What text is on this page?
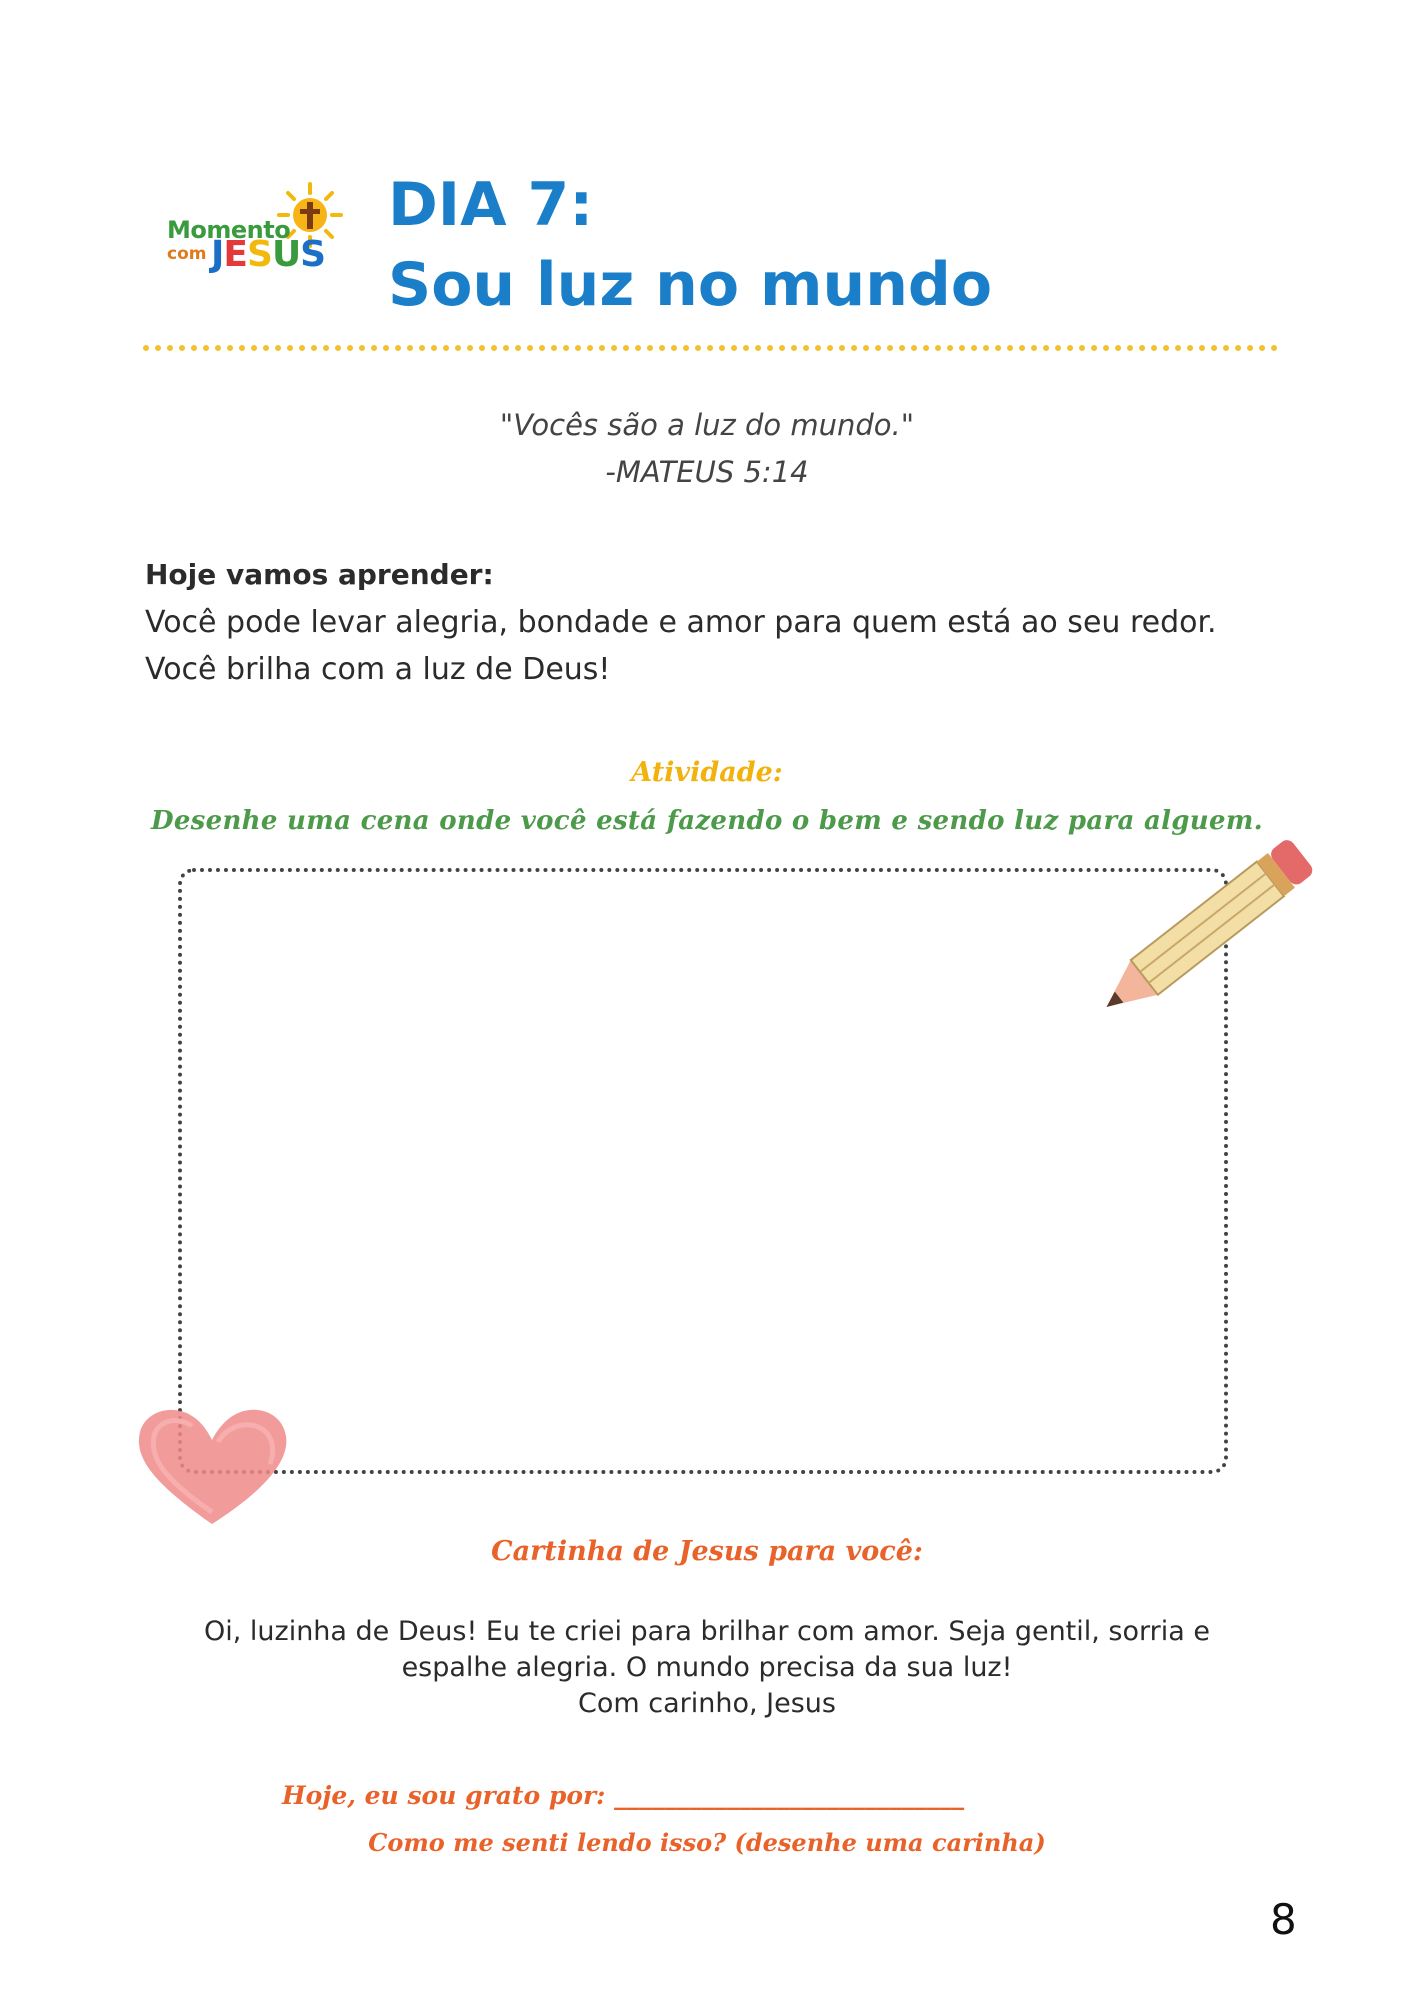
Momento
com JESUS
DIA 7:
Sou luz no mundo
"Vocês são a luz do mundo."
-MATEUS 5:14
Hoje vamos aprender:
Você pode levar alegria, bondade e amor para quem está ao seu redor.
Você brilha com a luz de Deus!
Atividade:
Desenhe uma cena onde você está fazendo o bem e sendo luz para alguem.
Cartinha de Jesus para você:
Oi, luzinha de Deus! Eu te criei para brilhar com amor. Seja gentil, sorria e
espalhe alegria. O mundo precisa da sua luz!
Com carinho, Jesus
Hoje, eu sou grato por: ____________________________
Como me senti lendo isso? (desenhe uma carinha)
8
